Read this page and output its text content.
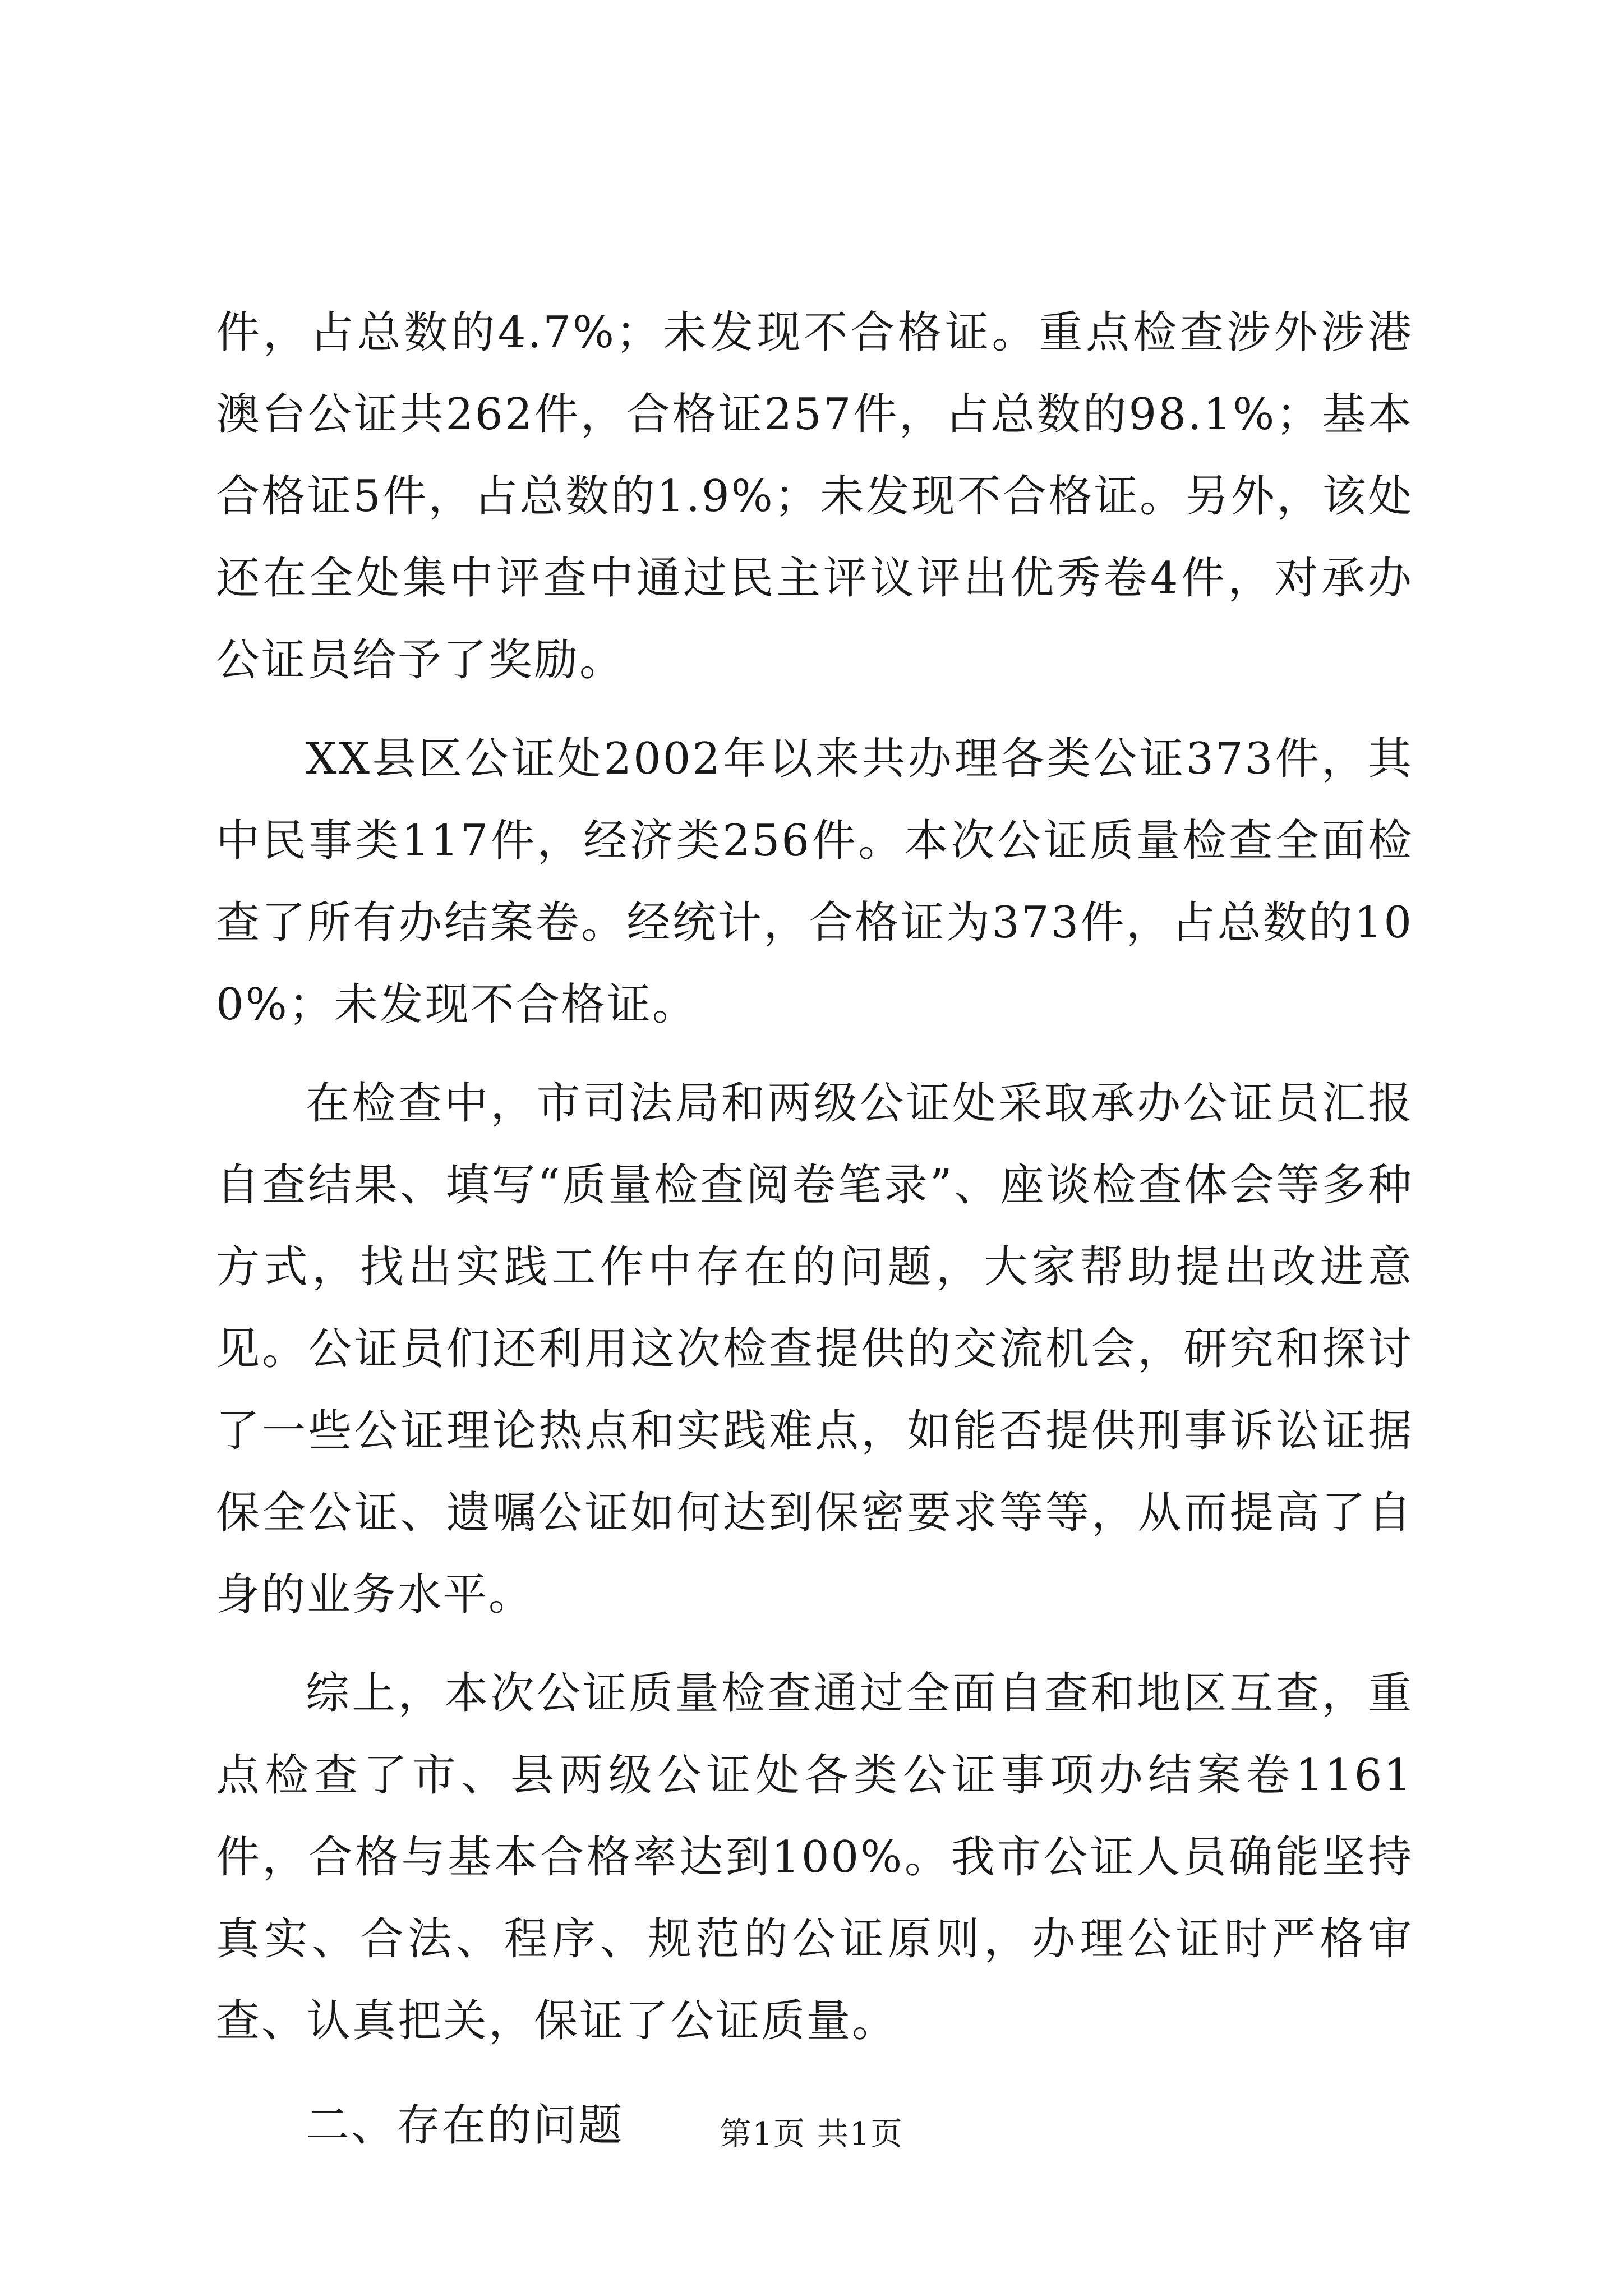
件，占总数的4.7%；未发现不合格证。重点检查涉外涉港澳台公证共262件，合格证257件，占总数的98.1%；基本合格证5件，占总数的1.9%；未发现不合格证。另外，该处还在全处集中评查中通过民主评议评出优秀卷4件，对承办公证员给予了奖励。

XX县区公证处2002年以来共办理各类公证373件，其中民事类117件，经济类256件。本次公证质量检查全面检查了所有办结案卷。经统计，合格证为373件，占总数的100%；未发现不合格证。

在检查中，市司法局和两级公证处采取承办公证员汇报自查结果、填写“质量检查阅卷笔录”、座谈检查体会等多种方式，找出实践工作中存在的问题，大家帮助提出改进意见。公证员们还利用这次检查提供的交流机会，研究和探讨了一些公证理论热点和实践难点，如能否提供刑事诉讼证据保全公证、遗嘱公证如何达到保密要求等等，从而提高了自身的业务水平。

综上，本次公证质量检查通过全面自查和地区互查，重点检查了市、县两级公证处各类公证事项办结案卷1161件，合格与基本合格率达到100%。我市公证人员确能坚持真实、合法、程序、规范的公证原则，办理公证时严格审查、认真把关，保证了公证质量。

二、存在的问题	第1页 共1页
